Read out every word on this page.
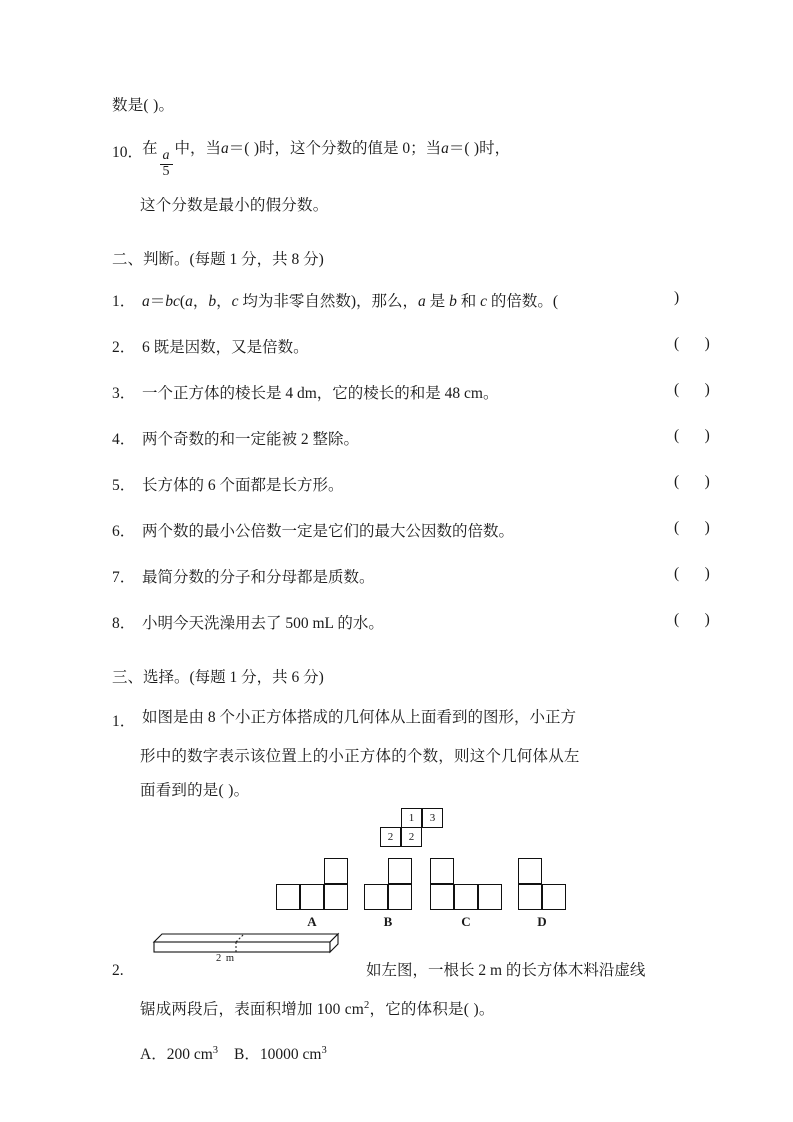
数是( )。
10．
在
$\frac{a}{5}$
中，当a＝( )时，这个分数的值是 0；当a＝( )时，
这个分数是最小的假分数。
二、判断。(每题 1 分，共 8 分)
1． a＝bc(a，b，c 均为非零自然数)，那么，a 是 b 和 c 的倍数。(	)
2． 6 既是因数，又是倍数。	(    )
3． 一个正方体的棱长是 4 dm，它的棱长的和是 48 cm。	(    )
4． 两个奇数的和一定能被 2 整除。	(    )
5． 长方体的 6 个面都是长方形。	(    )
6． 两个数的最小公倍数一定是它们的最大公因数的倍数。	(    )
7． 最简分数的分子和分母都是质数。	(    )
8． 小明今天洗澡用去了 500 mL 的水。	(    )
三、选择。(每题 1 分，共 6 分)
1． 如图是由 8 个小正方体搭成的几何体从上面看到的图形，小正方
形中的数字表示该位置上的小正方体的个数，则这个几何体从左
面看到的是( )。
1	3
2	2
A	B	C	D
2.
2 m
如左图，一根长 2 m 的长方体木料沿虚线
锯成两段后，表面积增加 100 $cm^2$，它的体积是( )。
A．200 $cm^3$ B．10000 $cm^3$
